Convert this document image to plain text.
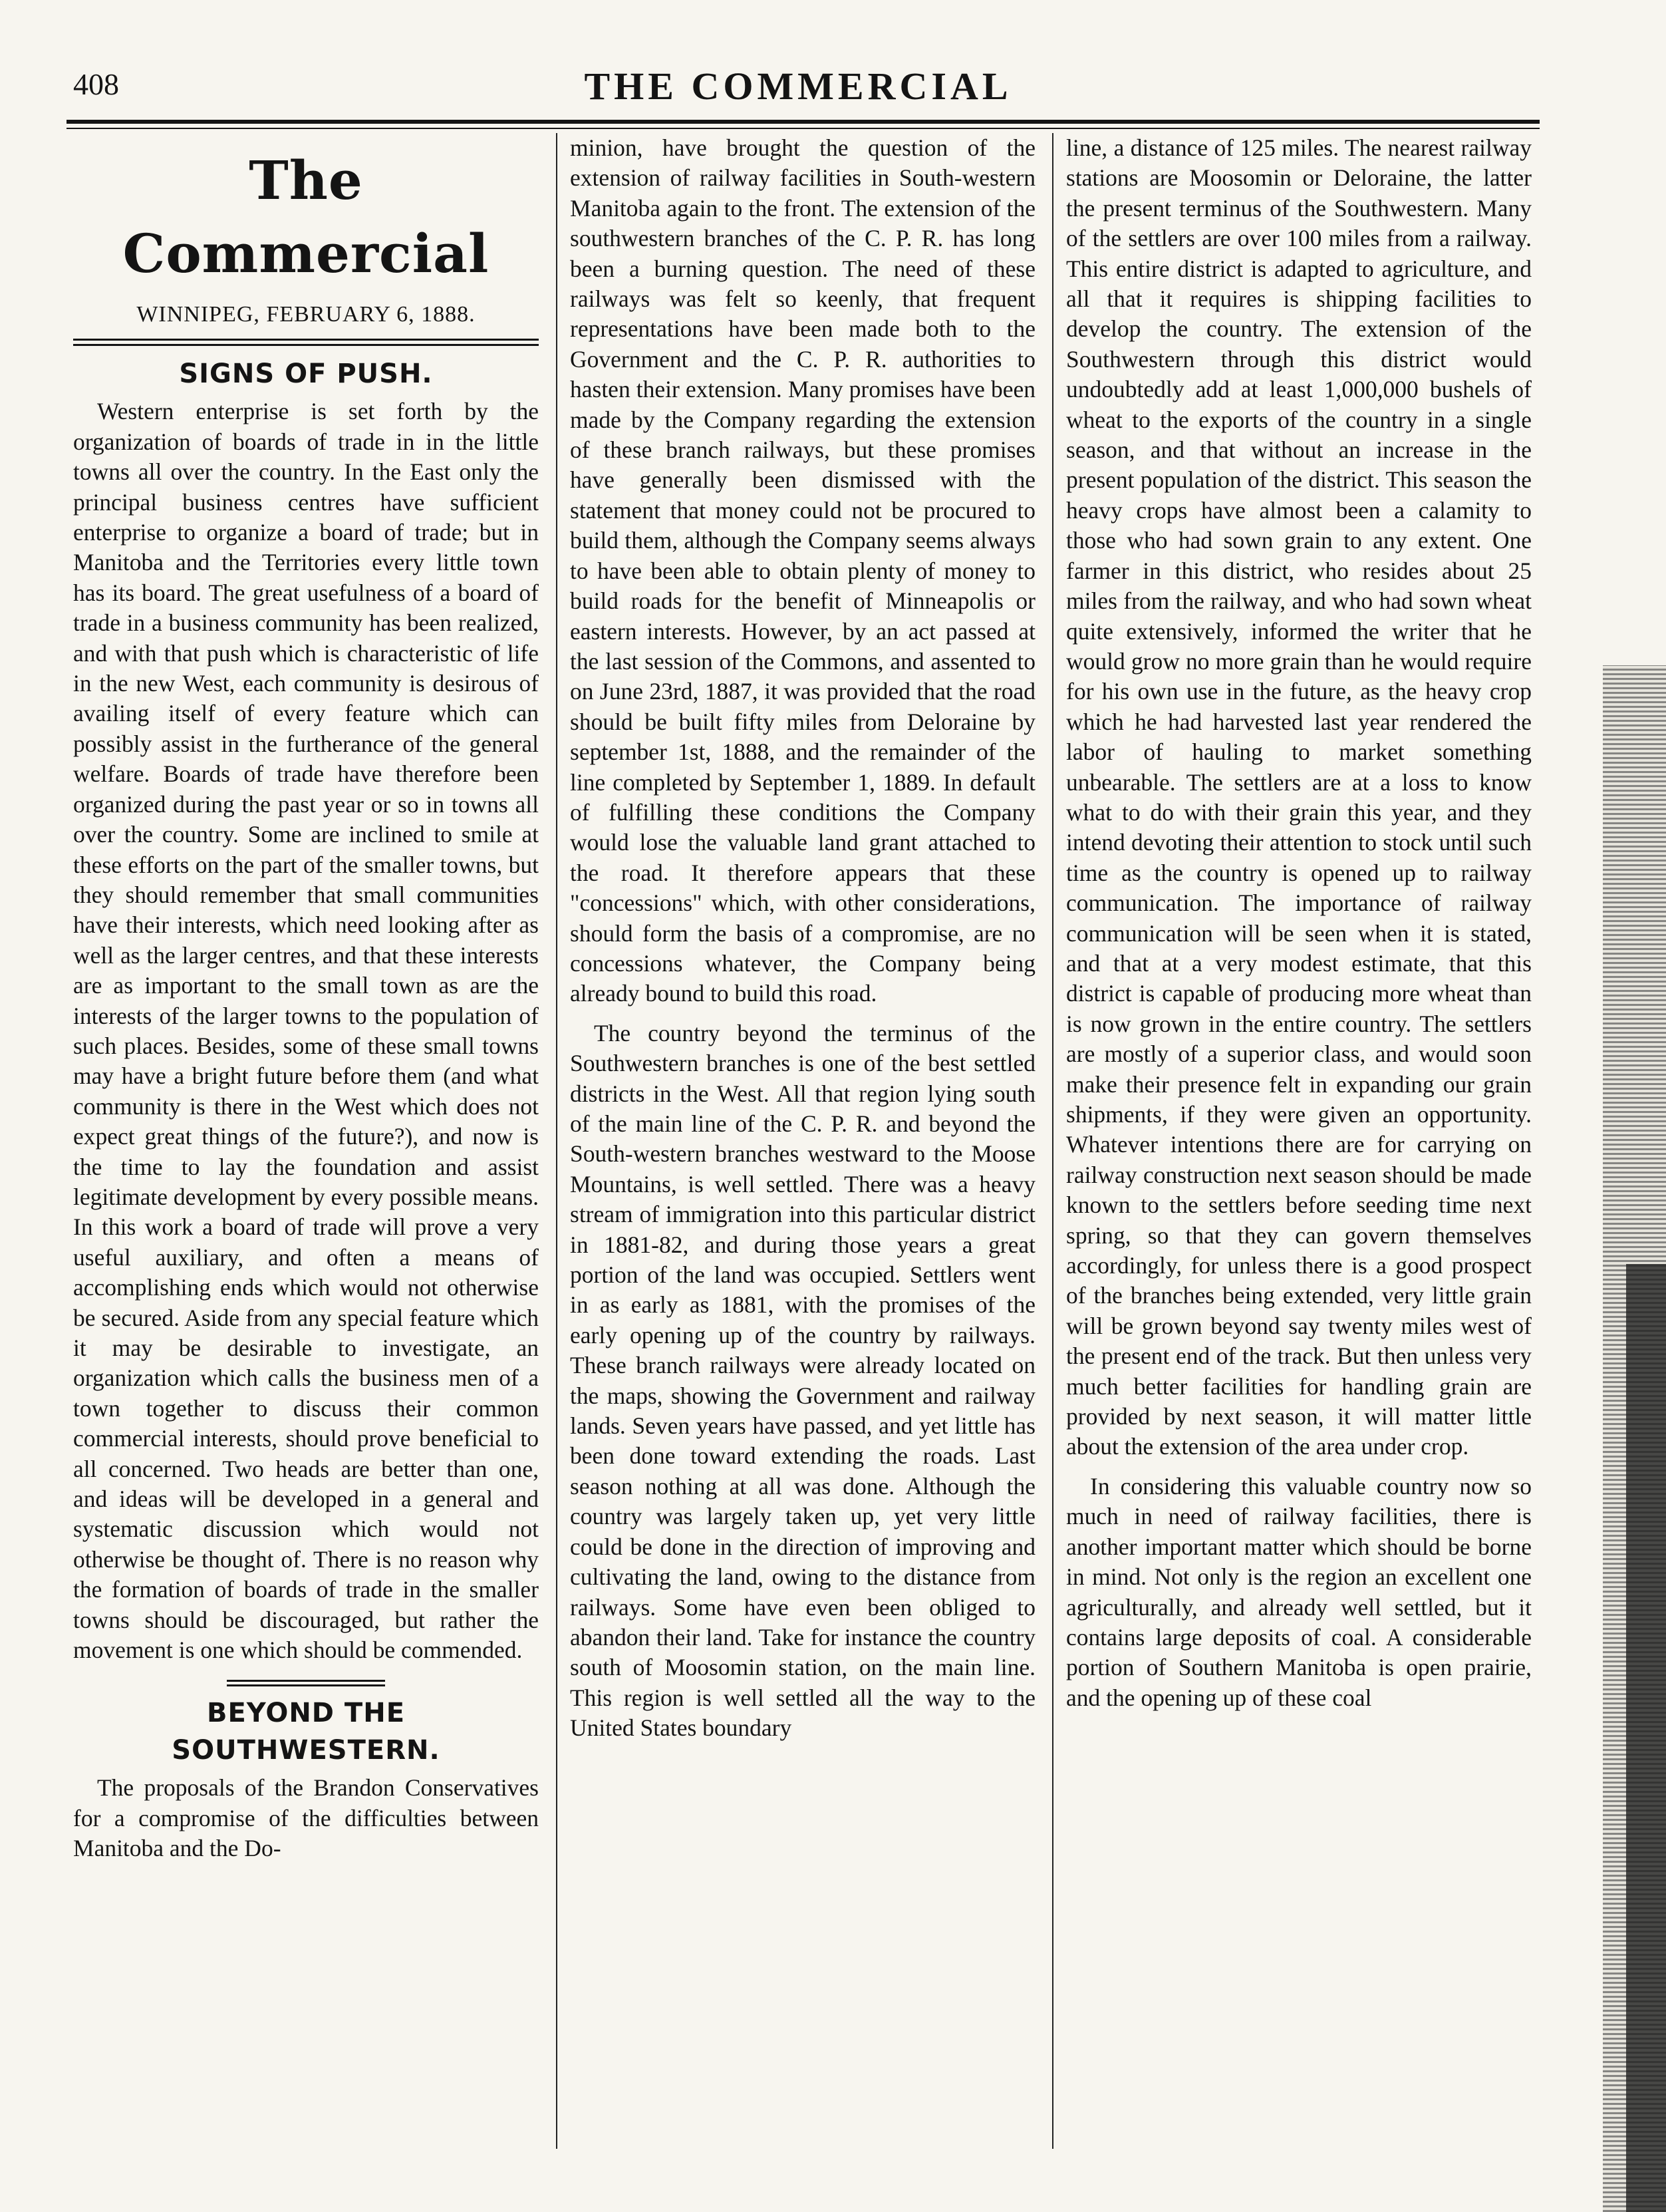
408	THE COMMERCIAL
The Commercial
WINNIPEG, FEBRUARY 6, 1888.
SIGNS OF PUSH.

Western enterprise is set forth by the organization of boards of trade in in the little towns all over the country. In the East only the principal business centres have sufficient enterprise to organize a board of trade; but in Manitoba and the Territories every little town has its board. The great usefulness of a board of trade in a business community has been realized, and with that push which is characteristic of life in the new West, each community is desirous of availing itself of every feature which can possibly assist in the furtherance of the general welfare. Boards of trade have therefore been organized during the past year or so in towns all over the country. Some are inclined to smile at these efforts on the part of the smaller towns, but they should remember that small communities have their interests, which need looking after as well as the larger centres, and that these interests are as important to the small town as are the interests of the larger towns to the population of such places. Besides, some of these small towns may have a bright future before them (and what community is there in the West which does not expect great things of the future?), and now is the time to lay the foundation and assist legitimate development by every possible means. In this work a board of trade will prove a very useful auxiliary, and often a means of accomplishing ends which would not otherwise be secured. Aside from any special feature which it may be desirable to investigate, an organization which calls the business men of a town together to discuss their common commercial interests, should prove beneficial to all concerned. Two heads are better than one, and ideas will be developed in a general and systematic discussion which would not otherwise be thought of. There is no reason why the formation of boards of trade in the smaller towns should be discouraged, but rather the movement is one which should be commended.

BEYOND THE SOUTHWESTERN.

The proposals of the Brandon Conservatives for a compromise of the difficulties between Manitoba and the Do-

minion, have brought the question of the extension of railway facilities in South-western Manitoba again to the front. The extension of the southwestern branches of the C. P. R. has long been a burning question. The need of these railways was felt so keenly, that frequent representations have been made both to the Government and the C. P. R. authorities to hasten their extension. Many promises have been made by the Company regarding the extension of these branch railways, but these promises have generally been dismissed with the statement that money could not be procured to build them, although the Company seems always to have been able to obtain plenty of money to build roads for the benefit of Minneapolis or eastern interests. However, by an act passed at the last session of the Commons, and assented to on June 23rd, 1887, it was provided that the road should be built fifty miles from Deloraine by september 1st, 1888, and the remainder of the line completed by September 1, 1889. In default of fulfilling these conditions the Company would lose the valuable land grant attached to the road. It therefore appears that these "concessions" which, with other considerations, should form the basis of a compromise, are no concessions whatever, the Company being already bound to build this road.

The country beyond the terminus of the Southwestern branches is one of the best settled districts in the West. All that region lying south of the main line of the C. P. R. and beyond the South-western branches westward to the Moose Mountains, is well settled. There was a heavy stream of immigration into this particular district in 1881-82, and during those years a great portion of the land was occupied. Settlers went in as early as 1881, with the promises of the early opening up of the country by railways. These branch railways were already located on the maps, showing the Government and railway lands. Seven years have passed, and yet little has been done toward extending the roads. Last season nothing at all was done. Although the country was largely taken up, yet very little could be done in the direction of improving and cultivating the land, owing to the distance from railways. Some have even been obliged to abandon their land. Take for instance the country south of Moosomin station, on the main line. This region is well settled all the way to the United States boundary

line, a distance of 125 miles. The nearest railway stations are Moosomin or Deloraine, the latter the present terminus of the Southwestern. Many of the settlers are over 100 miles from a railway. This entire district is adapted to agriculture, and all that it requires is shipping facilities to develop the country. The extension of the Southwestern through this district would undoubtedly add at least 1,000,000 bushels of wheat to the exports of the country in a single season, and that without an increase in the present population of the district. This season the heavy crops have almost been a calamity to those who had sown grain to any extent. One farmer in this district, who resides about 25 miles from the railway, and who had sown wheat quite extensively, informed the writer that he would grow no more grain than he would require for his own use in the future, as the heavy crop which he had harvested last year rendered the labor of hauling to market something unbearable. The settlers are at a loss to know what to do with their grain this year, and they intend devoting their attention to stock until such time as the country is opened up to railway communication. The importance of railway communication will be seen when it is stated, and that at a very modest estimate, that this district is capable of producing more wheat than is now grown in the entire country. The settlers are mostly of a superior class, and would soon make their presence felt in expanding our grain shipments, if they were given an opportunity. Whatever intentions there are for carrying on railway construction next season should be made known to the settlers before seeding time next spring, so that they can govern themselves accordingly, for unless there is a good prospect of the branches being extended, very little grain will be grown beyond say twenty miles west of the present end of the track. But then unless very much better facilities for handling grain are provided by next season, it will matter little about the extension of the area under crop.

In considering this valuable country now so much in need of railway facilities, there is another important matter which should be borne in mind. Not only is the region an excellent one agriculturally, and already well settled, but it contains large deposits of coal. A considerable portion of Southern Manitoba is open prairie, and the opening up of these coal
